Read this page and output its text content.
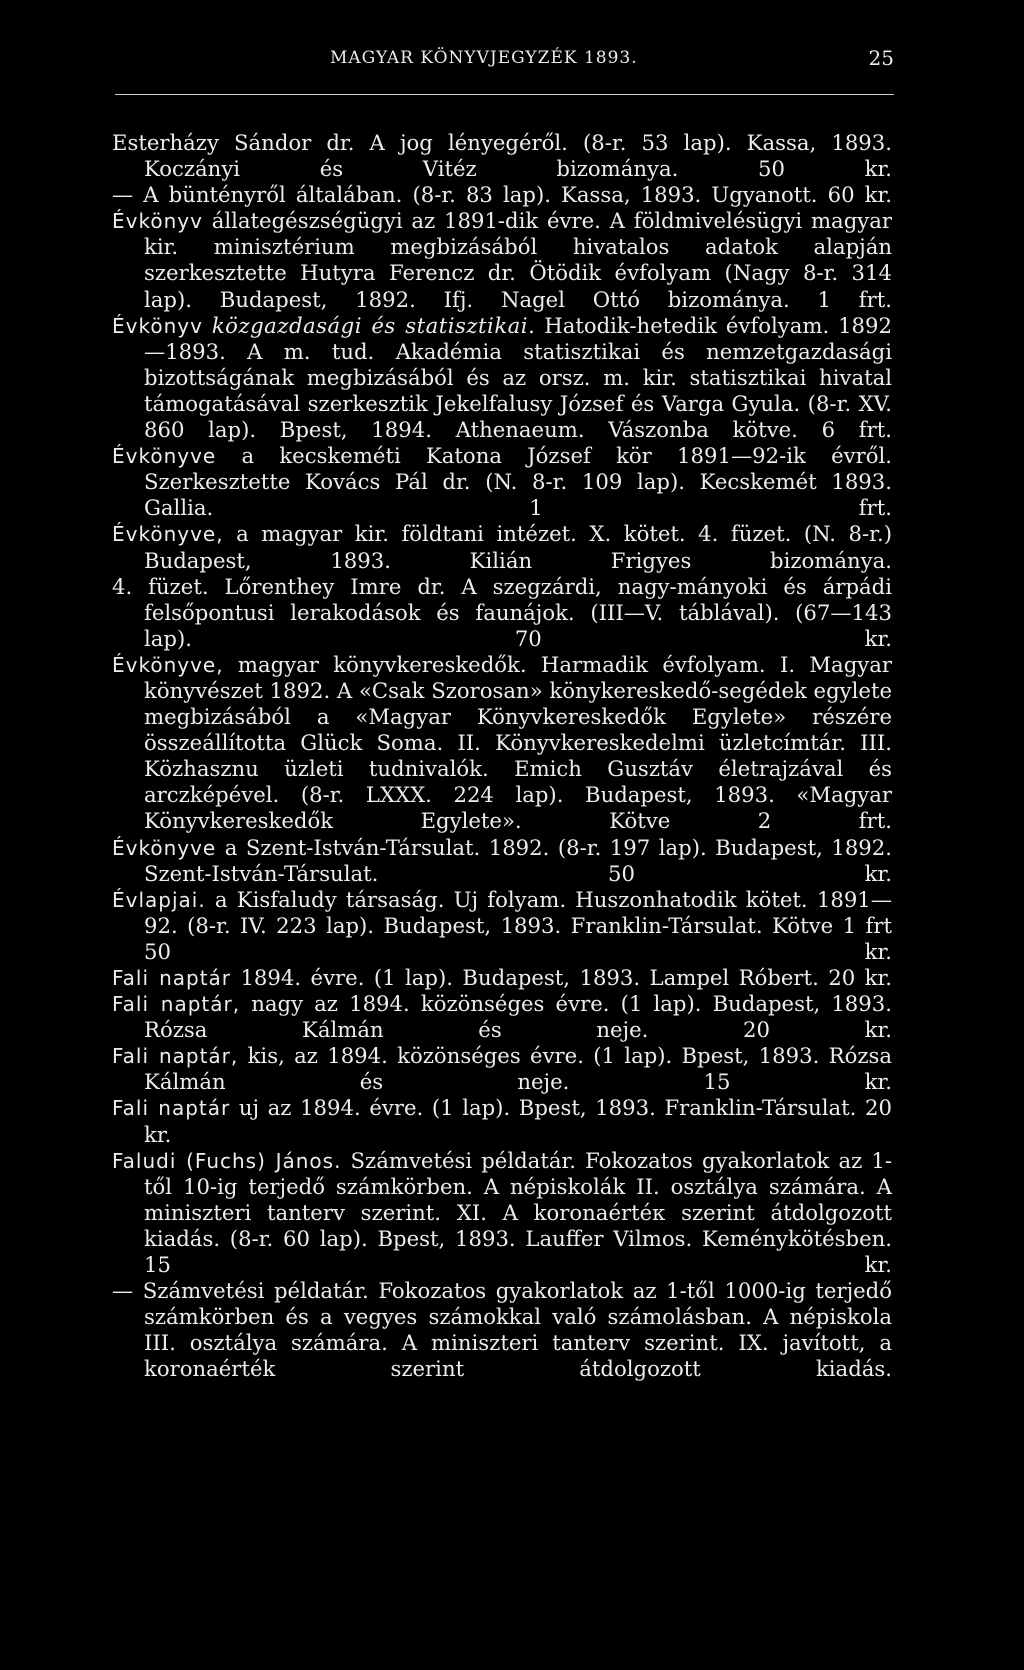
MAGYAR KÖNYVJEGYZÉK 1893.	25

Esterházy Sándor dr. A jog lényegéről. (8-r. 53 lap). Kassa, 1893. Koczányi és Vitéz bizományа. 50 kr.

— A büntényről általában. (8-r. 83 lap). Kassa, 1893. Ugyanott. 60 kr.

Évkönyv állategészségügyi az 1891-dik évre. A földmivelésügyi magyar kir. minisztérium megbizásából hivatalos adatok alapján szerkesztette Hutyra Ferencz dr. Ötödik évfolyam (Nagy 8-r. 314 lap). Budapest, 1892. Ifj. Nagel Ottó bizománya. 1 frt.

Évkönyv közgazdasági és statisztikai. Hatodik-hetedik évfolyam. 1892—1893. A m. tud. Akadémia statisztikai és nemzetgazdasági bizottságának megbizásából és az orsz. m. kir. statisztikai hivatal támogatásával szerkesztik Jekelfalusy József és Varga Gyula. (8-r. XV. 860 lap). Bpest, 1894. Athenaeum. Vászonba kötve. 6 frt.

Évkönyve a kecskeméti Katona József kör 1891—92-ik évről. Szerkesztette Kovács Pál dr. (N. 8-r. 109 lap). Kecskemét 1893. Gallia. 1 frt.

Évkönyve, a magyar kir. földtani intézet. X. kötet. 4. füzet. (N. 8-r.) Budapest, 1893. Kilián Frigyes bizománya.

4. füzet. Lőrenthey Imre dr. A szegzárdi, nagy-mányoki és árpádi felsőpontusi lerakodások és faunájok. (III—V. táblával). (67—143 lap). 70 kr.

Évkönyve, magyar könyvkereskedők. Harmadik évfolyam. I. Magyar könyvészet 1892. A «Csak Szorosan» könykereskedő-segédek egylete megbizásából a «Magyar Könyvkereskedők Egylete» részére összeállította Glück Soma. II. Könyvkereskedelmi üzletcímtár. III. Közhasznu üzleti tudnivalók. Emich Gusztáv életrajzával és arczképével. (8-r. LXXX. 224 lap). Budapest, 1893. «Magyar Könyvkereskedők Egylete». Kötve 2 frt.

Évkönyve a Szent-István-Társulat. 1892. (8-r. 197 lap). Budapest, 1892. Szent-István-Társulat. 50 kr.

Évlapjai. a Kisfaludy társaság. Uj folyam. Huszonhatodik kötet. 1891—92. (8-r. IV. 223 lap). Budapest, 1893. Franklin-Társulat. Kötve 1 frt 50 kr.

Fali naptár 1894. évre. (1 lap). Budapest, 1893. Lampel Róbert. 20 kr.

Fali naptár, nagy az 1894. közönséges évre. (1 lap). Budapest, 1893. Rózsa Kálmán és neje. 20 kr.

Fali naptár, kis, az 1894. közönséges évre. (1 lap). Bpest, 1893. Rózsa Kálmán és neje. 15 kr.

Fali naptár uj az 1894. évre. (1 lap). Bpest, 1893. Franklin-Társulat. 20 kr.

Faludi (Fuchs) János. Számvetési példatár. Fokozatos gyakorlatok az 1-től 10-ig terjedő számkörben. A népiskolák II. osztálya számára. A miniszteri tanterv szerint. XI. A koronaértéк szerint átdolgozott kiadás. (8-r. 60 lap). Bpest, 1893. Lauffer Vilmos. Keménykötésben. 15 kr.

— Számvetési példatár. Fokozatos gyakorlatok az 1-től 1000-ig terjedő számkörben és a vegyes számokkal való számolásban. A népiskola III. osztálya számára. A miniszteri tanterv szerint. IX. javított, a koronaérték szerint átdolgozott kiadás.
